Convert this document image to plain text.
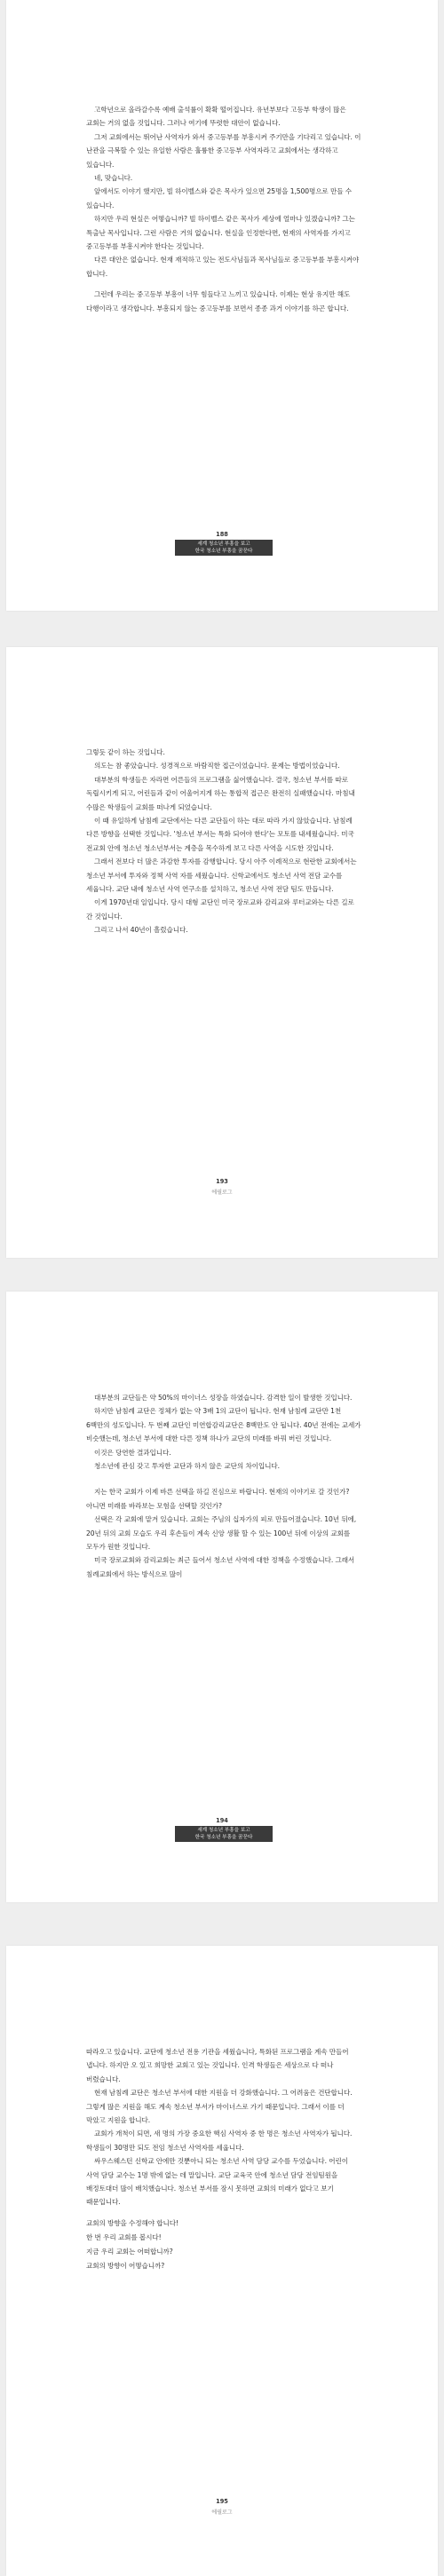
고학년으로 올라갈수록 예배 출석률이 확확 떨어집니다. 유년부보다 고등부 학생이 많은 교회는 거의 없을 것입니다. 그러나 여기에 뚜렷한 대안이 없습니다.

그저 교회에서는 뛰어난 사역자가 와서 중고등부를 부흥시켜 주기만을 기다리고 있습니다. 이 난관을 극복할 수 있는 유일한 사람은 훌륭한 중고등부 사역자라고 교회에서는 생각하고 있습니다.

네, 맞습니다.

앞에서도 이야기 했지만, 빌 하이벨스와 같은 목사가 있으면 25명을 1,500명으로 만들 수 있습니다.

하지만 우리 현실은 어떻습니까? 빌 하이벨스 같은 목사가 세상에 얼마나 있겠습니까? 그는 특출난 목사입니다. 그런 사람은 거의 없습니다. 현실을 인정한다면, 현재의 사역자를 가지고 중고등부를 부흥시켜야 한다는 것입니다.

다른 대안은 없습니다. 현재 재적하고 있는 전도사님들과 목사님들로 중고등부를 부흥시켜야 합니다.

그런데 우리는 중고등부 부흥이 너무 힘들다고 느끼고 있습니다. 이제는 현상 유지만 해도 다행이라고 생각합니다. 부흥되지 않는 중고등부를 보면서 종종 과거 이야기를 하곤 합니다.

188
세계 청소년 부흥을 보고
한국 청소년 부흥을 꿈꾼다

그렇듯 같이 하는 것입니다.

의도는 참 좋았습니다. 성경적으로 바람직한 접근이었습니다. 문제는 방법이었습니다.

대부분의 학생들은 자라면 어른들의 프로그램을 싫어했습니다. 결국, 청소년 부서를 따로 독립시키게 되고, 어린들과 같이 어울어지게 하는 통합적 접근은 완전히 실패했습니다. 마침내 수많은 학생들이 교회를 떠나게 되었습니다.

이 때 유일하게 남침례 교단에서는 다른 교단들이 하는 대로 따라 가지 않았습니다. 남침례 다른 방향을 선택한 것입니다. '청소년 부서는 특화 되어야 한다'는 모토를 내세웠습니다. 미국 전교회 안에 청소년 청소년부서는 계층을 목수하게 보고 다른 사역을 시도한 것입니다.

그래서 전보다 더 많은 과감한 투자를 감행합니다. 당시 아주 이례적으로 현란한 교회에서는 청소년 부서에 투자와 정책 사역 자를 세웠습니다. 신학교에서도 청소년 사역 전담 교수를 세웁니다. 교단 내에 청소년 사역 연구소를 설치하고, 청소년 사역 전담 팀도 만듭니다.

이게 1970년대 일입니다. 당시 대형 교단인 미국 장로교와 감리교와 루터교와는 다른 길로 간 것입니다.

그리고 나서 40년이 흘렀습니다.

193
에필로그

대부분의 교단들은 약 50%의 마이너스 성장을 하였습니다. 감격한 일이 발생한 것입니다.

하지만 남침례 교단은 정체가 없는 약 3배 1의 교단이 됩니다. 현재 남침례 교단만 1천 6백만의 성도입니다. 두 번째 교단인 미연합감리교단은 8백만도 안 됩니다. 40년 전에는 교세가 비슷했는데, 청소년 부서에 대한 다른 정책 하나가 교단의 미래를 바꿔 버린 것입니다.

이것은 당연한 결과입니다.

청소년에 관심 갖고 투자한 교단과 하지 않은 교단의 차이입니다.

지는 한국 교회가 이제 바른 선택을 하길 진심으로 바랍니다. 현재의 이야기로 갈 것인가? 아니면 미래를 바라보는 모험을 선택할 것인가?

선택은 각 교회에 맡겨 있습니다. 교회는 주님의 십자가의 피로 만들어졌습니다. 10년 뒤에, 20년 뒤의 교회 모습도 우리 후손들이 계속 신앙 생활 할 수 있는 100년 뒤에 이상의 교회를 모두가 원한 것입니다.

미국 장로교회와 감리교회는 최근 들어서 청소년 사역에 대한 정책을 수정했습니다. 그래서 침례교회에서 하는 방식으로 많이

194
세계 청소년 부흥을 보고
한국 청소년 부흥을 꿈꾼다

따라오고 있습니다. 교단에 청소년 전용 기관을 세웠습니다, 특화된 프로그램을 계속 만들어 냅니다. 하지만 오 있고 희망한 교회고 있는 것입니다. 인격 학생들은 세상으로 다 떠나 버렸습니다.

현재 남침례 교단은 청소년 부서에 대한 지원을 더 강화했습니다. 그 어려움은 건단합니다. 그렇게 많은 지원을 해도 계속 청소년 부서가 마이너스로 가기 때문입니다. 그래서 이를 더 막았고 지원을 합니다.

교회가 개척이 되면, 새 명의 가장 중요한 핵심 사역자 중 한 명은 청소년 사역자가 됩니다. 학생들이 30명만 되도 전임 청소년 사역자를 세웁니다.

싸우스웨스턴 신학교 안에만 것뿐아니 되는 청소년 사역 담당 교수를 두었습니다. 어린이 사역 담당 교수는 1명 밖에 없는 데 말입니다. 교단 교육국 안에 청소년 담당 전임팀원을 배정토대더 많이 배치했습니다. 청소년 부서를 잠시 못하면 교회의 미래가 없다고 보기 때문입니다.

교회의 방향을 수정해야 합니다!
한 번 우리 교회를 봅시다!
지금 우리 교회는 어떠합니까?
교회의 방향이 어떻습니까?
195
에필로그
